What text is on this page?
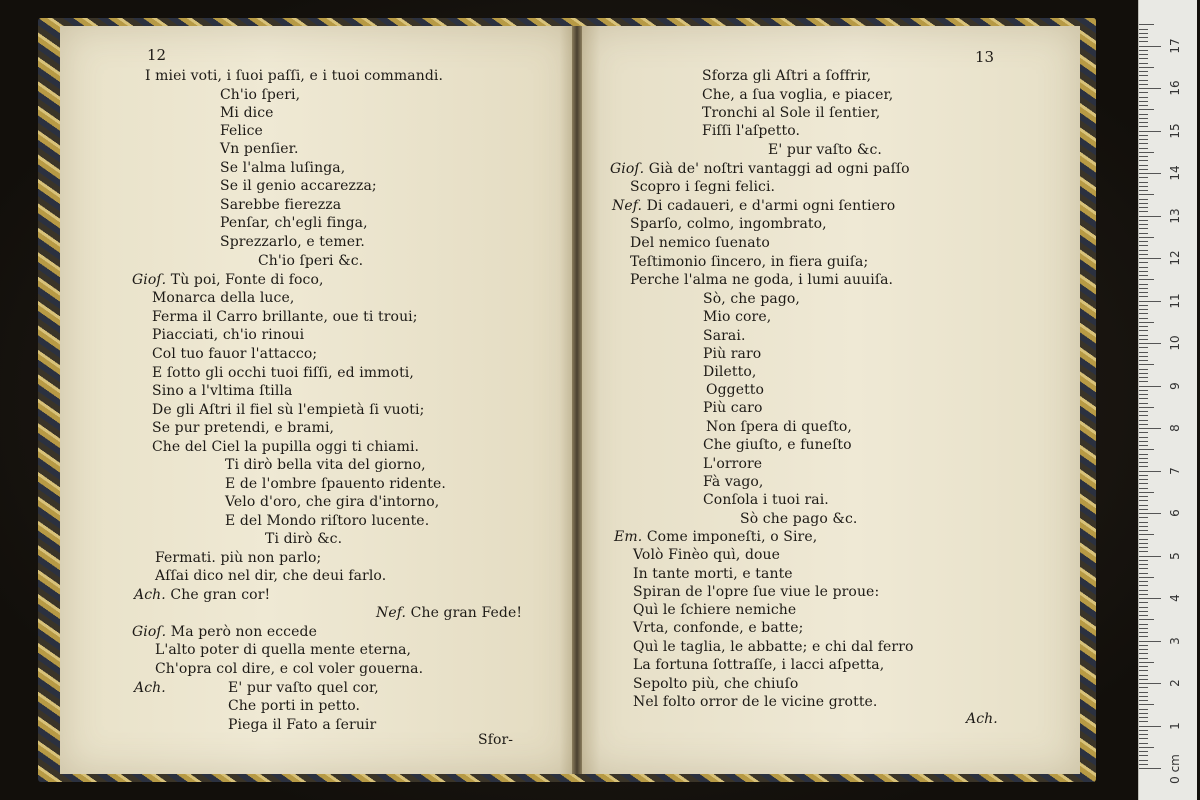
12	13
I miei voti, i ſuoi paſſi, e i tuoi commandi.
Ch'io ſperi,
Mi dice
Felice
Vn penſier.
Se l'alma luſinga,
Se il genio accarezza;
Sarebbe fierezza
Penſar, ch'egli finga,
Sprezzarlo, e temer.
Ch'io ſperi &c.
Gioſ. Tù poi, Fonte di foco,
Monarca della luce,
Ferma il Carro brillante, oue ti troui;
Piacciati, ch'io rinoui
Col tuo fauor l'attacco;
E ſotto gli occhi tuoi fiſſi, ed immoti,
Sino a l'vltima ſtilla
De gli Aſtri il fiel sù l'empietà ſi vuoti;
Se pur pretendi, e brami,
Che del Ciel la pupilla oggi ti chiami.
Ti dirò bella vita del giorno,
E de l'ombre ſpauento ridente.
Velo d'oro, che gira d'intorno,
E del Mondo riſtoro lucente.
Ti dirò &c.
Fermati. più non parlo;
Aſſai dico nel dir, che deui farlo.
Ach. Che gran cor!
Nef. Che gran Fede!
Gioſ. Ma però non eccede
L'alto poter di quella mente eterna,
Ch'opra col dire, e col voler gouerna.
Ach.	E' pur vaſto quel cor,
Che porti in petto.
Piega il Fato a ſeruir
Sfor-
Sforza gli Aſtri a ſoffrir,
Che, a ſua voglia, e piacer,
Tronchi al Sole il ſentier,
Fiſſi l'aſpetto.
E' pur vaſto &c.
Gioſ. Già de' noſtri vantaggi ad ogni paſſo
Scopro i ſegni felici.
Nef. Di cadaueri, e d'armi ogni ſentiero
Sparſo, colmo, ingombrato,
Del nemico ſuenato
Teſtimonio ſincero, in fiera guiſa;
Perche l'alma ne goda, i lumi auuiſa.
Sò, che pago,
Mio core,
Sarai.
Più raro
Diletto,
Oggetto
Più caro
Non ſpera di queſto,
Che giuſto, e funeſto
L'orrore
Fà vago,
Conſola i tuoi rai.
Sò che pago &c.
Em. Come imponeſti, o Sire,
Volò Finèo quì, doue
In tante morti, e tante
Spiran de l'opre ſue viue le proue:
Quì le ſchiere nemiche
Vrta, confonde, e batte;
Quì le taglia, le abbatte; e chi dal ferro
La fortuna ſottraſſe, i lacci aſpetta,
Sepolto più, che chiuſo
Nel folto orror de le vicine grotte.
Ach.
0 cm
1
2
3
4
5
6
7
8
9
10
11
12
13
14
15
16
17
